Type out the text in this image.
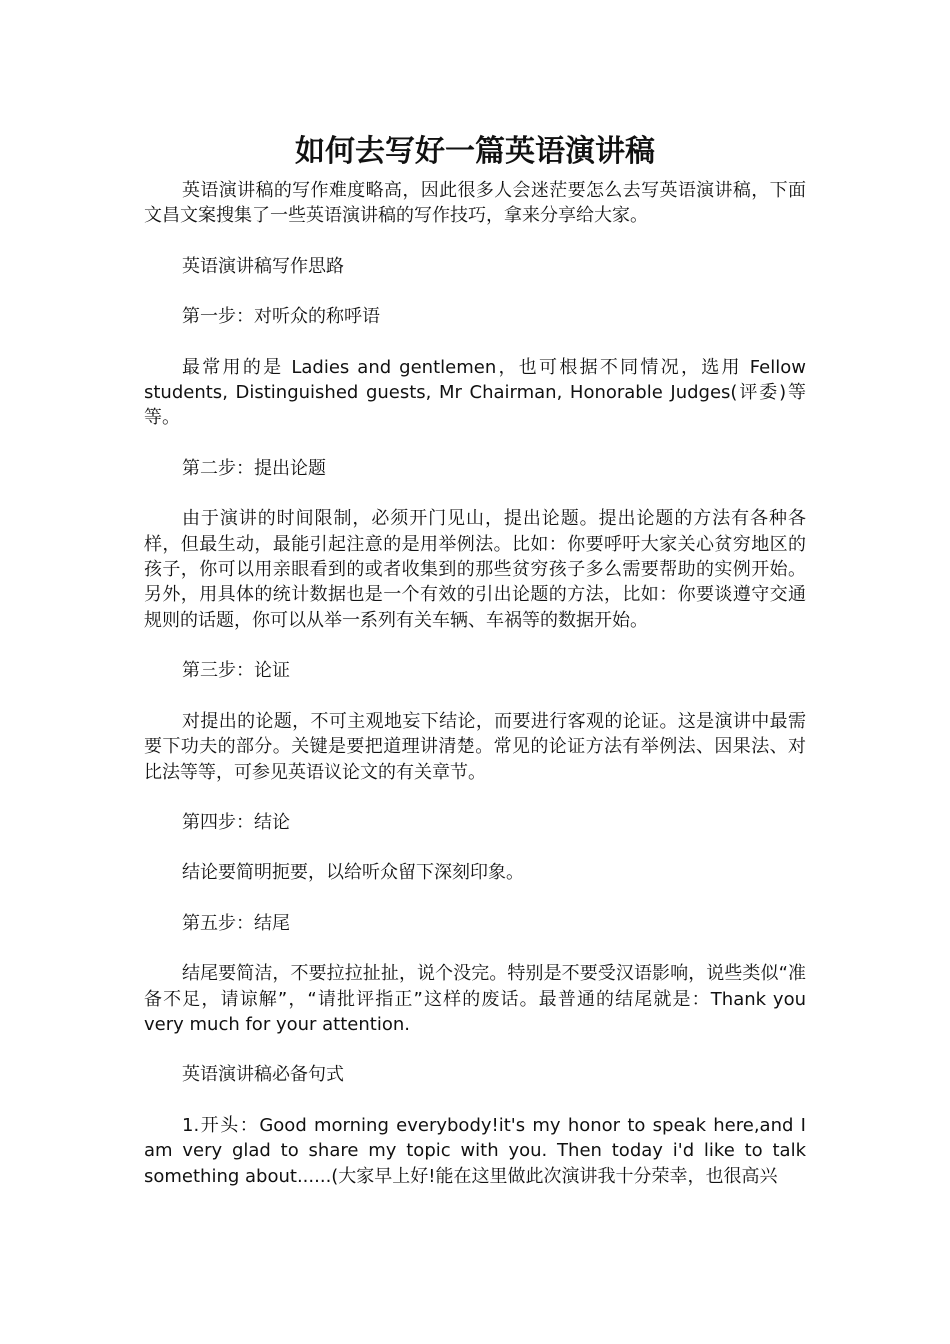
如何去写好一篇英语演讲稿

英语演讲稿的写作难度略高，因此很多人会迷茫要怎么去写英语演讲稿，下面文昌文案搜集了一些英语演讲稿的写作技巧，拿来分享给大家。

英语演讲稿写作思路

第一步：对听众的称呼语

最常用的是 Ladies and gentlemen，也可根据不同情况，选用 Fellow students, Distinguished guests, Mr Chairman, Honorable Judges(评委)等等。

第二步：提出论题

由于演讲的时间限制，必须开门见山，提出论题。提出论题的方法有各种各样，但最生动，最能引起注意的是用举例法。比如：你要呼吁大家关心贫穷地区的孩子，你可以用亲眼看到的或者收集到的那些贫穷孩子多么需要帮助的实例开始。另外，用具体的统计数据也是一个有效的引出论题的方法，比如：你要谈遵守交通规则的话题，你可以从举一系列有关车辆、车祸等的数据开始。

第三步：论证

对提出的论题，不可主观地妄下结论，而要进行客观的论证。这是演讲中最需要下功夫的部分。关键是要把道理讲清楚。常见的论证方法有举例法、因果法、对比法等等，可参见英语议论文的有关章节。

第四步：结论

结论要简明扼要，以给听众留下深刻印象。

第五步：结尾

结尾要简洁，不要拉拉扯扯，说个没完。特别是不要受汉语影响，说些类似“准备不足，请谅解”，“请批评指正”这样的废话。最普通的结尾就是：Thank you very much for your attention.

英语演讲稿必备句式

1.开头：Good morning everybody!it's my honor to speak here,and I am very glad to share my topic with you. Then today i'd like to talk something about......(大家早上好!能在这里做此次演讲我十分荣幸，也很高兴
